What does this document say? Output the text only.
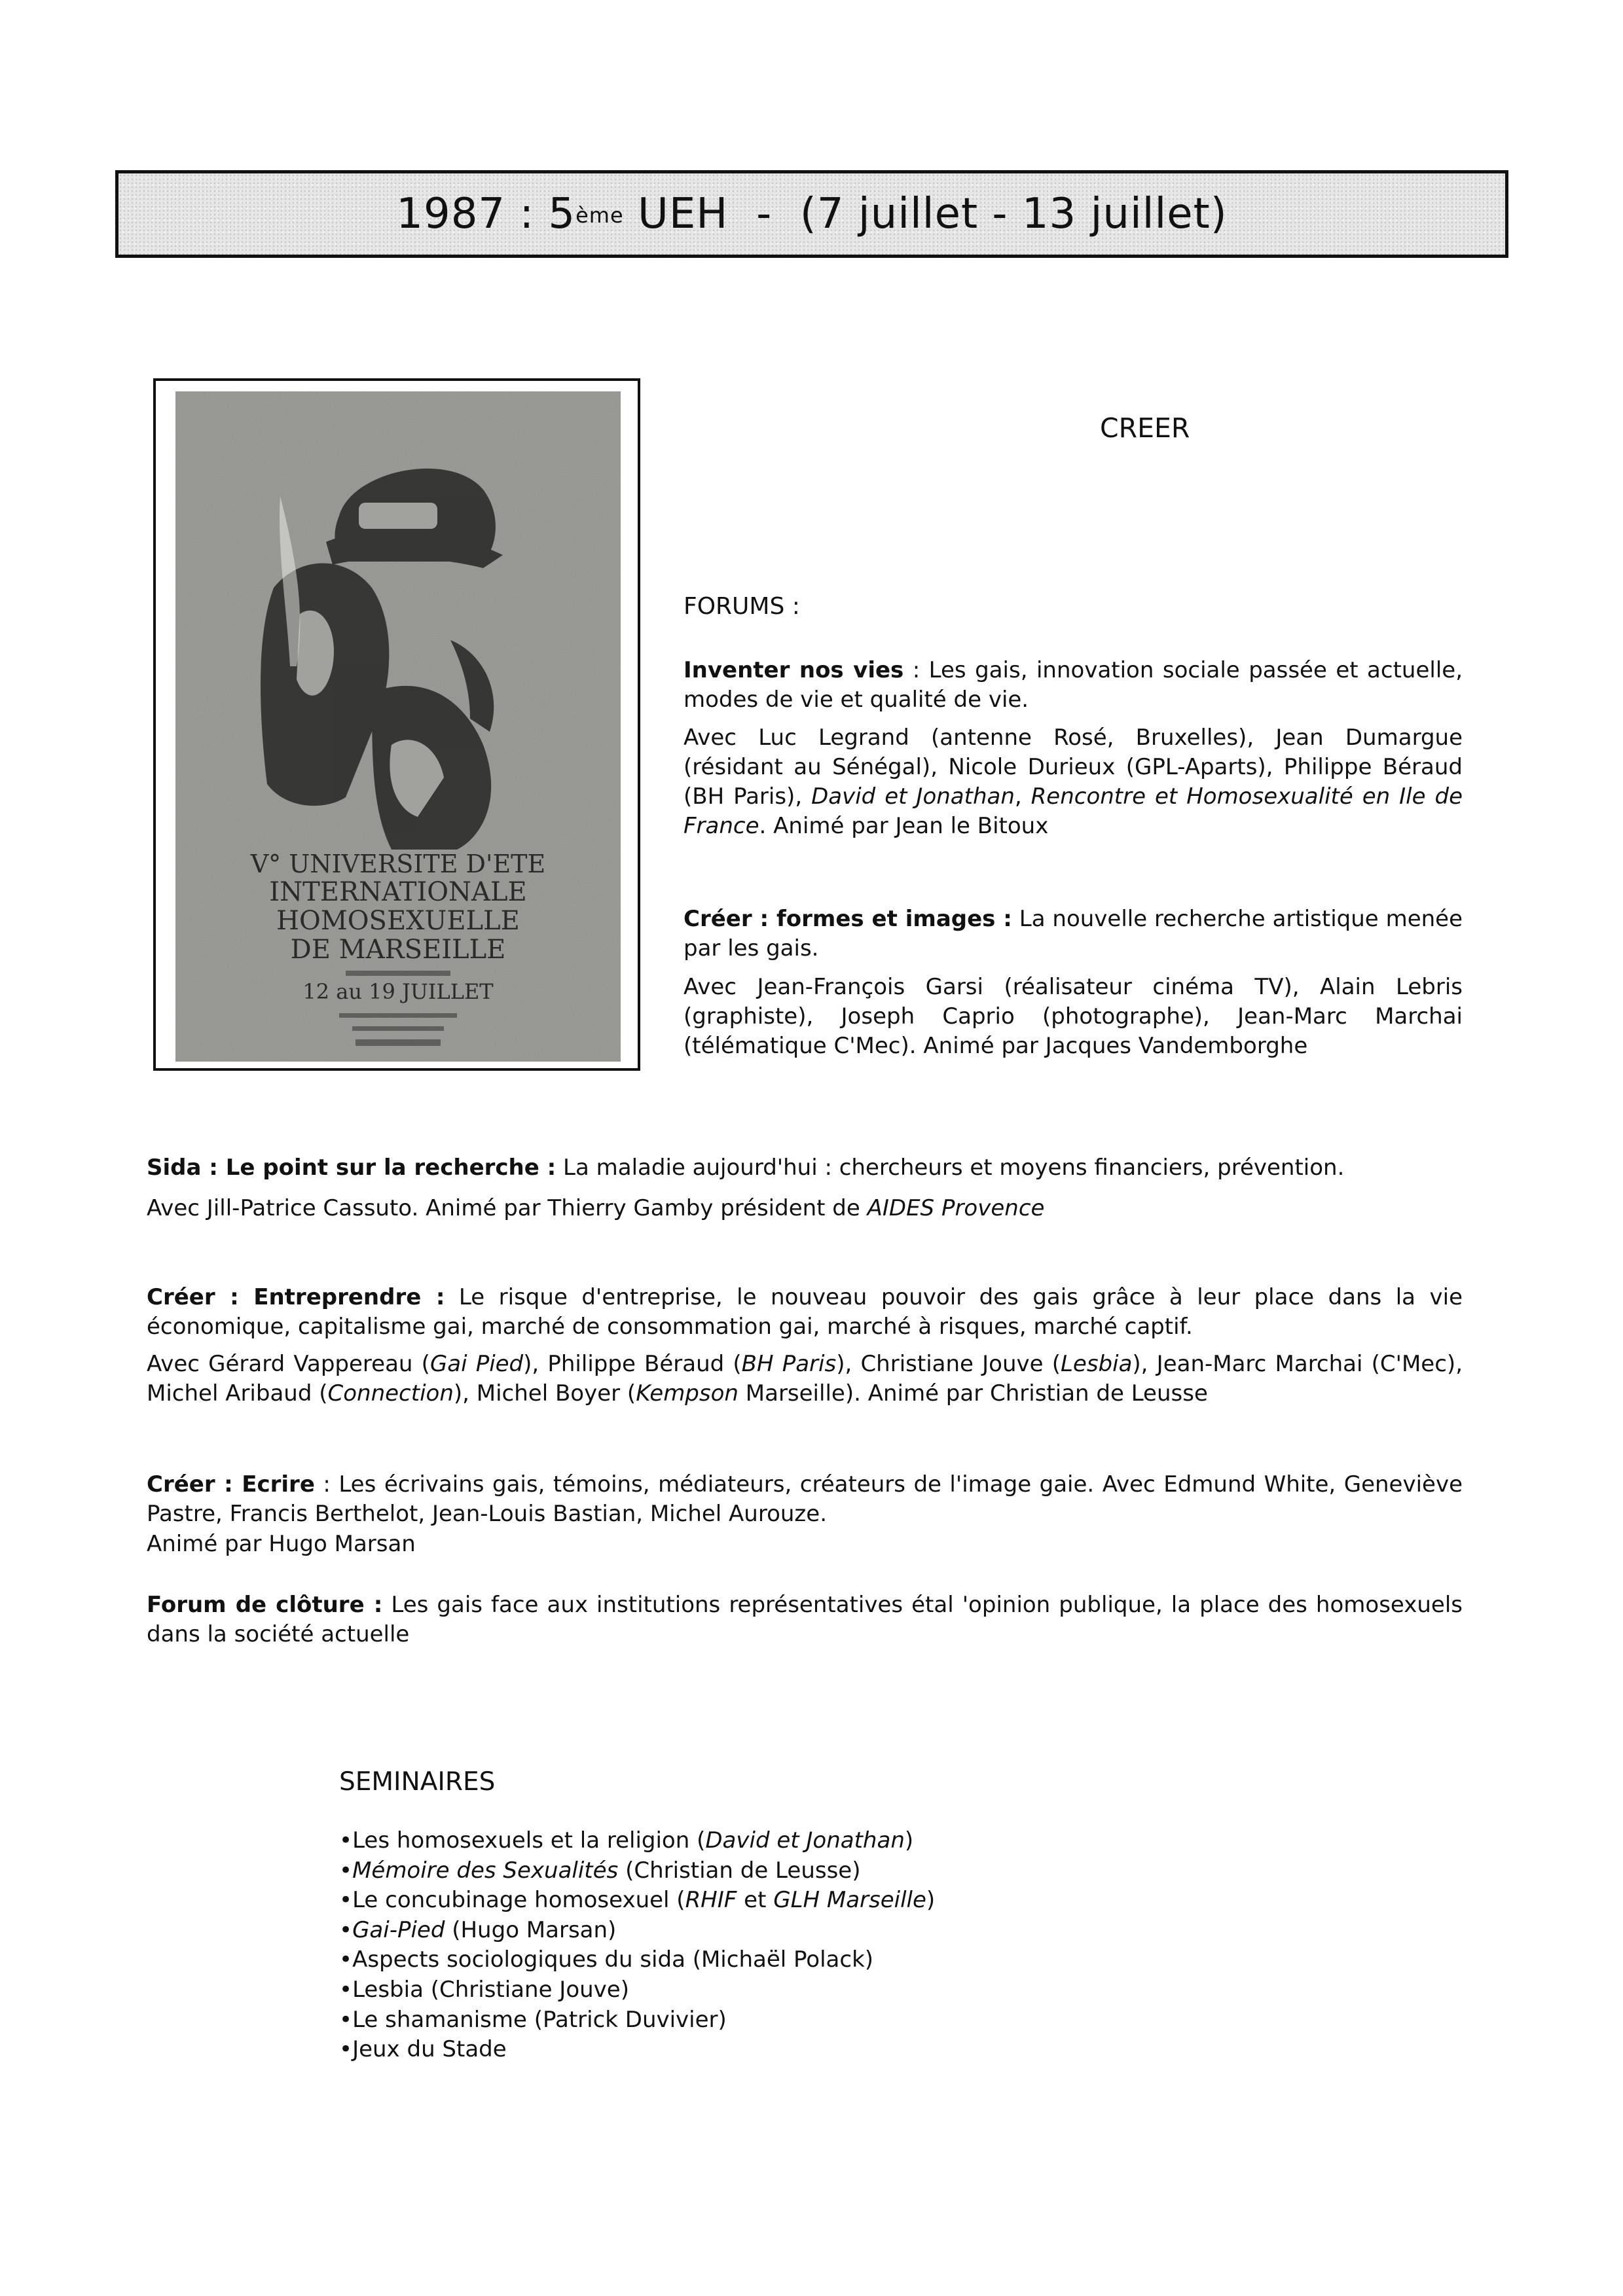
1987 : 5ème UEH  -  (7 juillet - 13 juillet)
V° UNIVERSITE D'ETE
INTERNATIONALE
HOMOSEXUELLE
DE MARSEILLE
12 au 19 JUILLET
CREER
FORUMS :
Inventer nos vies : Les gais, innovation sociale passée et actuelle, modes de vie et qualité de vie.
Avec Luc Legrand (antenne Rosé, Bruxelles), Jean Dumargue (résidant au Sénégal), Nicole Durieux (GPL-Aparts), Philippe Béraud (BH Paris), David et Jonathan, Rencontre et Homosexualité en Ile de France. Animé par Jean le Bitoux
Créer : formes et images : La nouvelle recherche artistique menée par les gais.
Avec Jean-François Garsi (réalisateur cinéma TV), Alain Lebris (graphiste), Joseph Caprio (photographe), Jean-Marc Marchai (télématique C'Mec). Animé par Jacques Vandemborghe
Sida : Le point sur la recherche : La maladie aujourd'hui : chercheurs et moyens financiers, prévention.
Avec Jill-Patrice Cassuto. Animé par Thierry Gamby président de AIDES Provence
Créer : Entreprendre : Le risque d'entreprise, le nouveau pouvoir des gais grâce à leur place dans la vie économique, capitalisme gai, marché de consommation gai, marché à risques, marché captif.
Avec Gérard Vappereau (Gai Pied), Philippe Béraud (BH Paris), Christiane Jouve (Lesbia), Jean-Marc Marchai (C'Mec), Michel Aribaud (Connection), Michel Boyer (Kempson Marseille). Animé par Christian de Leusse
Créer : Ecrire : Les écrivains gais, témoins, médiateurs, créateurs de l'image gaie. Avec Edmund White, Geneviève Pastre, Francis Berthelot, Jean-Louis Bastian, Michel Aurouze.
Animé par Hugo Marsan
Forum de clôture : Les gais face aux institutions représentatives étal 'opinion publique, la place des homosexuels dans la société actuelle
SEMINAIRES
• Les homosexuels et la religion (David et Jonathan)
• Mémoire des Sexualités (Christian de Leusse)
• Le concubinage homosexuel (RHIF et GLH Marseille)
• Gai-Pied (Hugo Marsan)
• Aspects sociologiques du sida (Michaël Polack)
• Lesbia (Christiane Jouve)
• Le shamanisme (Patrick Duvivier)
• Jeux du Stade
